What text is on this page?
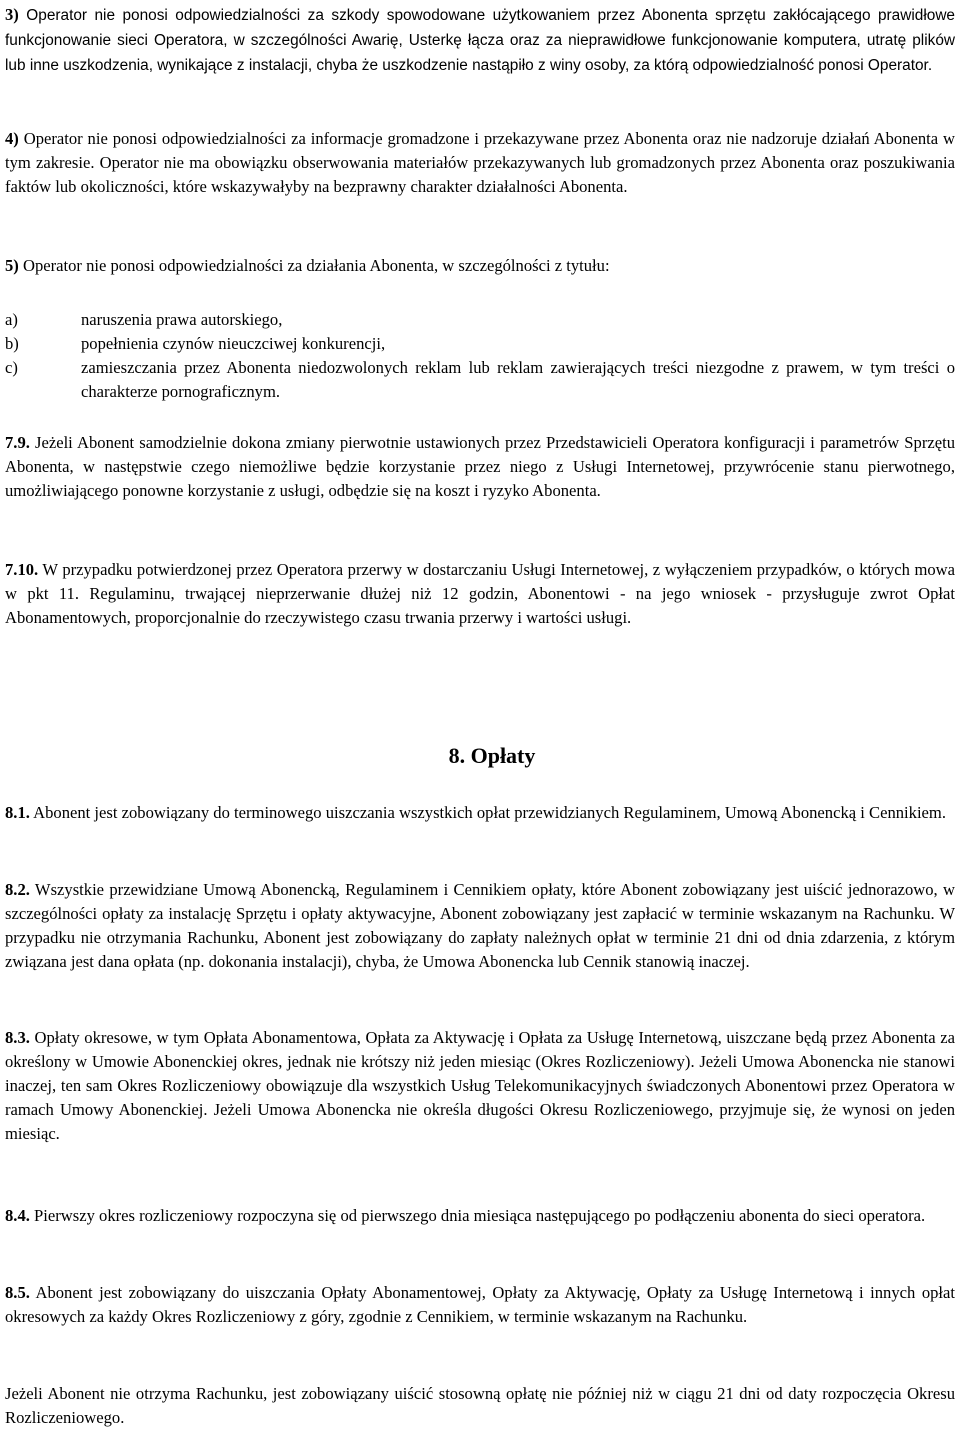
3) Operator nie ponosi odpowiedzialności za szkody spowodowane użytkowaniem przez Abonenta sprzętu zakłócającego prawidłowe funkcjonowanie sieci Operatora, w szczególności Awarię, Usterkę łącza oraz za nieprawidłowe funkcjonowanie komputera, utratę plików lub inne uszkodzenia, wynikające z instalacji, chyba że uszkodzenie nastąpiło z winy osoby, za którą odpowiedzialność ponosi Operator.

4) Operator nie ponosi odpowiedzialności za informacje gromadzone i przekazywane przez Abonenta oraz nie nadzoruje działań Abonenta w tym zakresie. Operator nie ma obowiązku obserwowania materiałów przekazywanych lub gromadzonych przez Abonenta oraz poszukiwania faktów lub okoliczności, które wskazywałyby na bezprawny charakter działalności Abonenta.

5) Operator nie ponosi odpowiedzialności za działania Abonenta, w szczególności z tytułu:

a)	naruszenia prawa autorskiego,
b)	popełnienia czynów nieuczciwej konkurencji,
c)	zamieszczania przez Abonenta niedozwolonych reklam lub reklam zawierających treści niezgodne z prawem, w tym treści o charakterze pornograficznym.

7.9. Jeżeli Abonent samodzielnie dokona zmiany pierwotnie ustawionych przez Przedstawicieli Operatora konfiguracji i parametrów Sprzętu Abonenta, w następstwie czego niemożliwe będzie korzystanie przez niego z Usługi Internetowej, przywrócenie stanu pierwotnego, umożliwiającego ponowne korzystanie z usługi, odbędzie się na koszt i ryzyko Abonenta.

7.10. W przypadku potwierdzonej przez Operatora przerwy w dostarczaniu Usługi Internetowej, z wyłączeniem przypadków, o których mowa w pkt 11. Regulaminu, trwającej nieprzerwanie dłużej niż 12 godzin, Abonentowi - na jego wniosek - przysługuje zwrot Opłat Abonamentowych, proporcjonalnie do rzeczywistego czasu trwania przerwy i wartości usługi.

8. Opłaty

8.1. Abonent jest zobowiązany do terminowego uiszczania wszystkich opłat przewidzianych Regulaminem, Umową Abonencką i Cennikiem.

8.2. Wszystkie przewidziane Umową Abonencką, Regulaminem i Cennikiem opłaty, które Abonent zobowiązany jest uiścić jednorazowo, w szczególności opłaty za instalację Sprzętu i opłaty aktywacyjne, Abonent zobowiązany jest zapłacić w terminie wskazanym na Rachunku. W przypadku nie otrzymania Rachunku, Abonent jest zobowiązany do zapłaty należnych opłat w terminie 21 dni od dnia zdarzenia, z którym związana jest dana opłata (np. dokonania instalacji), chyba, że Umowa Abonencka lub Cennik stanowią inaczej.

8.3. Opłaty okresowe, w tym Opłata Abonamentowa, Opłata za Aktywację i Opłata za Usługę Internetową, uiszczane będą przez Abonenta za określony w Umowie Abonenckiej okres, jednak nie krótszy niż jeden miesiąc (Okres Rozliczeniowy). Jeżeli Umowa Abonencka nie stanowi inaczej, ten sam Okres Rozliczeniowy obowiązuje dla wszystkich Usług Telekomunikacyjnych świadczonych Abonentowi przez Operatora w ramach Umowy Abonenckiej. Jeżeli Umowa Abonencka nie określa długości Okresu Rozliczeniowego, przyjmuje się, że wynosi on jeden miesiąc.

8.4. Pierwszy okres rozliczeniowy rozpoczyna się od pierwszego dnia miesiąca następującego po podłączeniu abonenta do sieci operatora.

8.5. Abonent jest zobowiązany do uiszczania Opłaty Abonamentowej, Opłaty za Aktywację, Opłaty za Usługę Internetową i innych opłat okresowych za każdy Okres Rozliczeniowy z góry, zgodnie z Cennikiem, w terminie wskazanym na Rachunku.

Jeżeli Abonent nie otrzyma Rachunku, jest zobowiązany uiścić stosowną opłatę nie później niż w ciągu 21 dni od daty rozpoczęcia Okresu Rozliczeniowego.
